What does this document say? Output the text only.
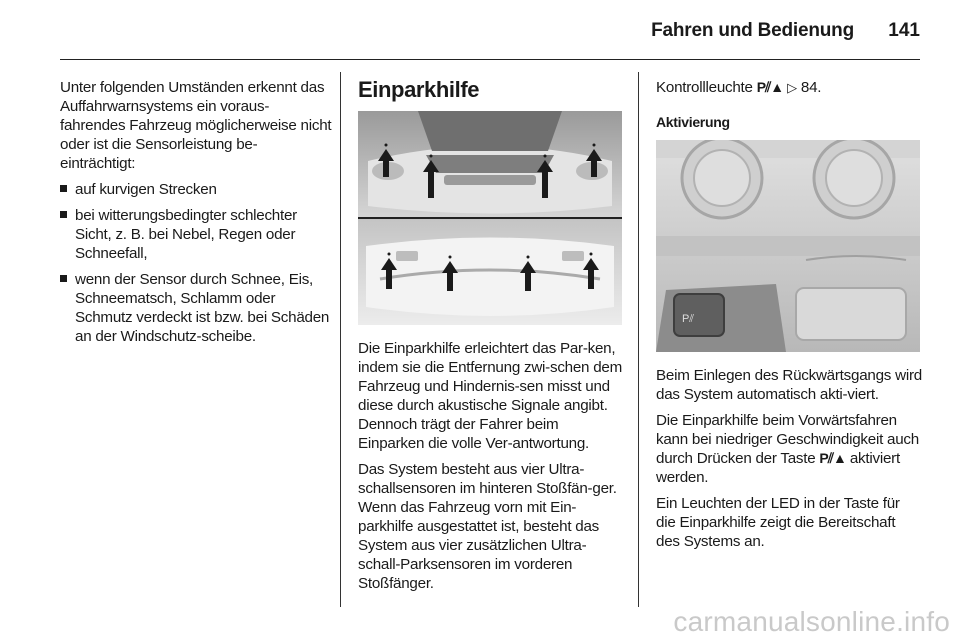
Fahren und Bedienung 141

Unter folgenden Umständen erkennt das Auffahrwarnsystems ein voraus-fahrendes Fahrzeug möglicherweise nicht oder ist die Sensorleistung be-einträchtigt:

auf kurvigen Strecken
bei witterungsbedingter schlechter Sicht, z. B. bei Nebel, Regen oder Schneefall,
wenn der Sensor durch Schnee, Eis, Schneematsch, Schlamm oder Schmutz verdeckt ist bzw. bei Schäden an der Windschutz-scheibe.
Einparkhilfe

Die Einparkhilfe erleichtert das Par-ken, indem sie die Entfernung zwi-schen dem Fahrzeug und Hindernis-sen misst und diese durch akustische Signale angibt. Dennoch trägt der Fahrer beim Einparken die volle Ver-antwortung.

Das System besteht aus vier Ultra-schallsensoren im hinteren Stoßfän-ger. Wenn das Fahrzeug vorn mit Ein-parkhilfe ausgestattet ist, besteht das System aus vier zusätzlichen Ultra-schall-Parksensoren im vorderen Stoßfänger.

Kontrollleuchte P⫽▲ ▷ 84.

Aktivierung
P⫽

Beim Einlegen des Rückwärtsgangs wird das System automatisch akti-viert.

Die Einparkhilfe beim Vorwärtsfahren kann bei niedriger Geschwindigkeit auch durch Drücken der Taste P⫽▲ aktiviert werden.

Ein Leuchten der LED in der Taste für die Einparkhilfe zeigt die Bereitschaft des Systems an.

carmanualsonline.info
